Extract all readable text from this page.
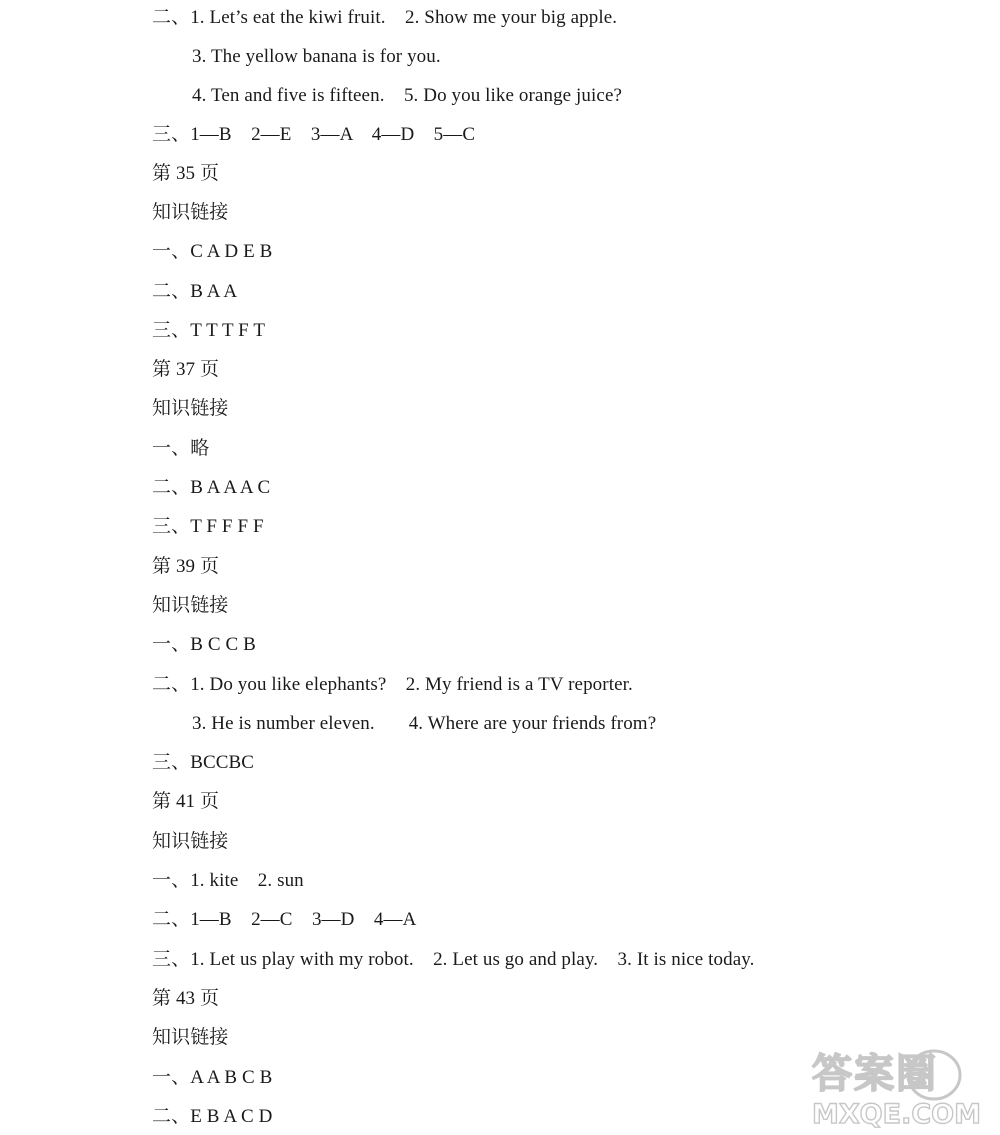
二、1. Let’s eat the kiwi fruit.    2. Show me your big apple.
3. The yellow banana is for you.
4. Ten and five is fifteen.    5. Do you like orange juice?
三、1—B    2—E    3—A    4—D    5—C
第 35 页
知识链接
一、C A D E B
二、B A A
三、T T T F T
第 37 页
知识链接
一、略
二、B A A A C
三、T F F F F
第 39 页
知识链接
一、B C C B
二、1. Do you like elephants?    2. My friend is a TV reporter.
3. He is number eleven.       4. Where are your friends from?
三、BCCBC
第 41 页
知识链接
一、1. kite    2. sun
二、1—B    2—C    3—D    4—A
三、1. Let us play with my robot.    2. Let us go and play.    3. It is nice today.
第 43 页
知识链接
一、A A B C B
二、E B A C D
答案圈
MXQE.COM
